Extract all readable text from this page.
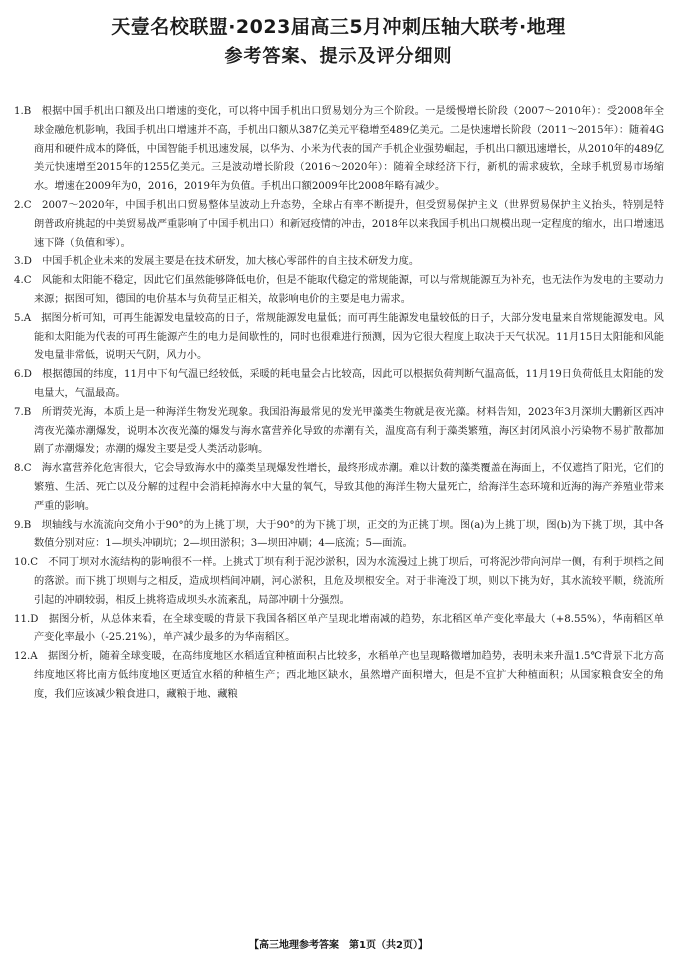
天壹名校联盟·2023届高三5月冲刺压轴大联考·地理
参考答案、提示及评分细则
1.B　根据中国手机出口额及出口增速的变化，可以将中国手机出口贸易划分为三个阶段。一是缓慢增长阶段（2007～2010年）：受2008年全球金融危机影响，我国手机出口增速并不高，手机出口额从387亿美元平稳增至489亿美元。二是快速增长阶段（2011～2015年）：随着4G商用和硬件成本的降低，中国智能手机迅速发展，以华为、小米为代表的国产手机企业强势崛起，手机出口额迅速增长，从2010年的489亿美元快速增至2015年的1255亿美元。三是波动增长阶段（2016～2020年）：随着全球经济下行，新机的需求疲软，全球手机贸易市场缩水。增速在2009年为0，2016，2019年为负值。手机出口额2009年比2008年略有减少。
2.C　2007～2020年，中国手机出口贸易整体呈波动上升态势，全球占有率不断提升，但受贸易保护主义（世界贸易保护主义抬头，特别是特朗普政府挑起的中美贸易战严重影响了中国手机出口）和新冠疫情的冲击，2018年以来我国手机出口规模出现一定程度的缩水，出口增速迅速下降（负值和零）。
3.D　中国手机企业未来的发展主要是在技术研发，加大核心零部件的自主技术研发力度。
4.C　风能和太阳能不稳定，因此它们虽然能够降低电价，但是不能取代稳定的常规能源，可以与常规能源互为补充，也无法作为发电的主要动力来源；据图可知，德国的电价基本与负荷呈正相关，故影响电价的主要是电力需求。
5.A　据图分析可知，可再生能源发电量较高的日子，常规能源发电量低；而可再生能源发电量较低的日子，大部分发电量来自常规能源发电。风能和太阳能为代表的可再生能源产生的电力是间歇性的，同时也很难进行预测，因为它很大程度上取决于天气状况。11月15日太阳能和风能发电量非常低，说明天气阴，风力小。
6.D　根据德国的纬度，11月中下旬气温已经较低，采暖的耗电量会占比较高，因此可以根据负荷判断气温高低，11月19日负荷低且太阳能的发电量大，气温最高。
7.B　所谓荧光海，本质上是一种海洋生物发光现象。我国沿海最常见的发光甲藻类生物就是夜光藻。材料告知，2023年3月深圳大鹏新区西冲湾夜光藻赤潮爆发，说明本次夜光藻的爆发与海水富营养化导致的赤潮有关，温度高有利于藻类繁殖，海区封闭风浪小污染物不易扩散都加剧了赤潮爆发；赤潮的爆发主要是受人类活动影响。
8.C　海水富营养化危害很大，它会导致海水中的藻类呈现爆发性增长，最终形成赤潮。难以计数的藻类覆盖在海面上，不仅遮挡了阳光，它们的繁殖、生活、死亡以及分解的过程中会消耗掉海水中大量的氧气，导致其他的海洋生物大量死亡，给海洋生态环境和近海的海产养殖业带来严重的影响。
9.B　坝轴线与水流流向交角小于90°的为上挑丁坝，大于90°的为下挑丁坝，正交的为正挑丁坝。图(a)为上挑丁坝，图(b)为下挑丁坝，其中各数值分别对应：1—坝头冲刷坑；2—坝田淤积；3—坝田冲刷；4—底流；5—面流。
10.C　不同丁坝对水流结构的影响很不一样。上挑式丁坝有利于泥沙淤积，因为水流漫过上挑丁坝后，可将泥沙带向河岸一侧，有利于坝档之间的落淤。而下挑丁坝则与之相反，造成坝档间冲刷，河心淤积，且危及坝根安全。对于非淹没丁坝，则以下挑为好，其水流较平顺，绕流所引起的冲刷较弱，相反上挑将造成坝头水流紊乱，局部冲刷十分强烈。
11.D　据图分析，从总体来看，在全球变暖的背景下我国各稻区单产呈现北增南减的趋势，东北稻区单产变化率最大（+8.55%），华南稻区单产变化率最小（-25.21%），单产减少最多的为华南稻区。
12.A　据图分析，随着全球变暖，在高纬度地区水稻适宜种植面积占比较多，水稻单产也呈现略微增加趋势，表明未来升温1.5℃背景下北方高纬度地区将比南方低纬度地区更适宜水稻的种植生产；西北地区缺水，虽然增产面积增大，但是不宜扩大种植面积；从国家粮食安全的角度，我们应该减少粮食进口，藏粮于地、藏粮
【高三地理参考答案　第1页（共2页）】
